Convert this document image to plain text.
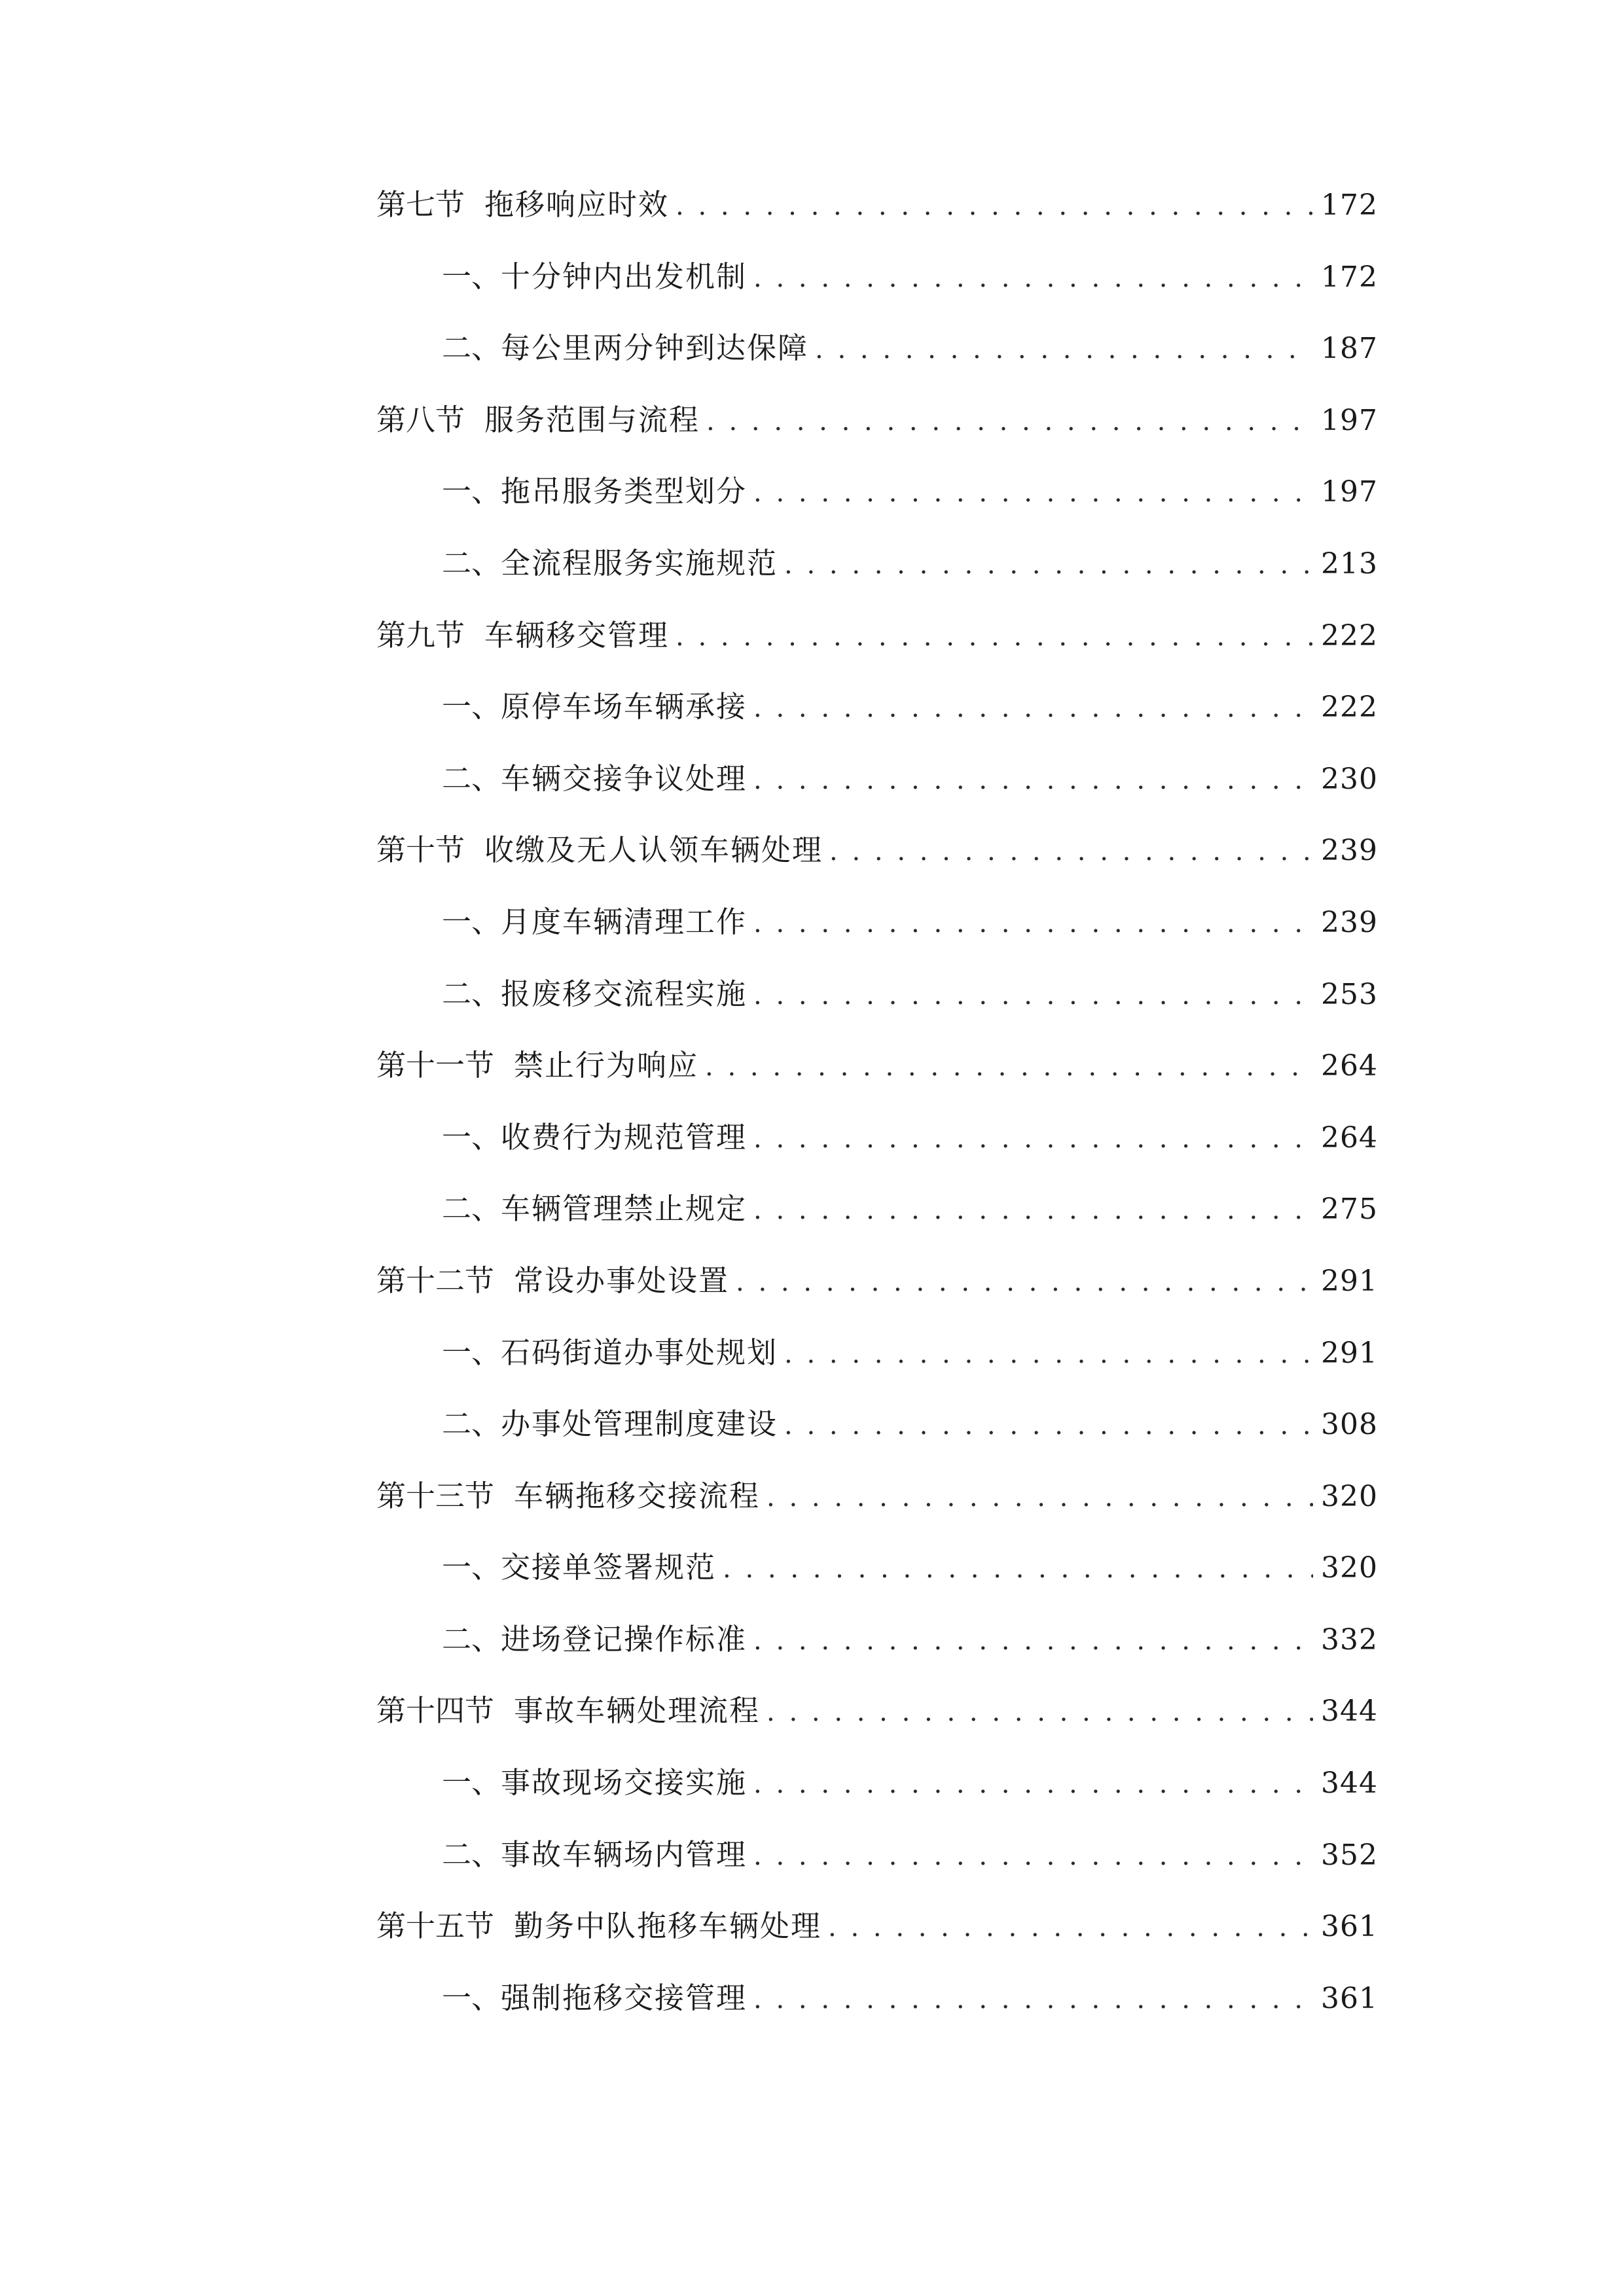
第七节 拖移响应时效 . . .	172
一、 十分钟内出发机制 . . .	172
二、 每公里两分钟到达保障 . . .	187
第八节 服务范围与流程 . . .	197
一、 拖吊服务类型划分 . . .	197
二、 全流程服务实施规范 . . .	213
第九节 车辆移交管理 . . .	222
一、 原停车场车辆承接 . . .	222
二、 车辆交接争议处理 . . .	230
第十节 收缴及无人认领车辆处理 . . .	239
一、 月度车辆清理工作 . . .	239
二、 报废移交流程实施 . . .	253
第十一节 禁止行为响应 . . .	264
一、 收费行为规范管理 . . .	264
二、 车辆管理禁止规定 . . .	275
第十二节 常设办事处设置 . . .	291
一、 石码街道办事处规划 . . .	291
二、 办事处管理制度建设 . . .	308
第十三节 车辆拖移交接流程 . . .	320
一、 交接单签署规范 . . .	320
二、 进场登记操作标准 . . .	332
第十四节 事故车辆处理流程 . . .	344
一、 事故现场交接实施 . . .	344
二、 事故车辆场内管理 . . .	352
第十五节 勤务中队拖移车辆处理 . . .	361
一、 强制拖移交接管理 . . .	361
